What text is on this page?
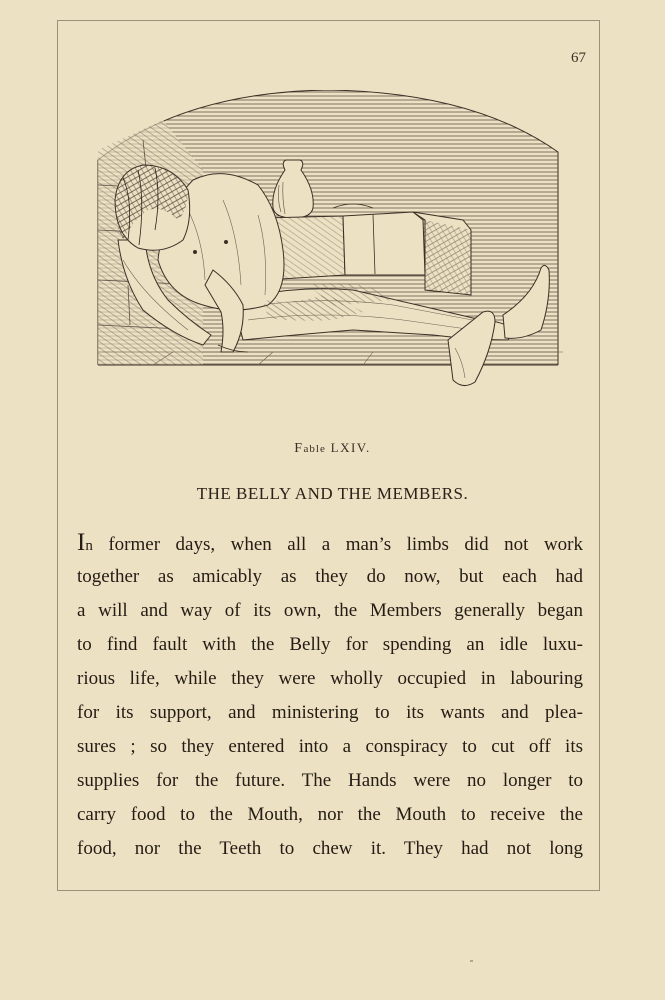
67
Fable LXIV.
THE BELLY AND THE MEMBERS.
In former days, when all a man’s limbs did not work
together as amicably as they do now, but each had
a will and way of its own, the Members generally began
to find fault with the Belly for spending an idle luxu-
rious life, while they were wholly occupied in labouring
for its support, and ministering to its wants and plea-
sures ; so they entered into a conspiracy to cut off its
supplies for the future. The Hands were no longer to
carry food to the Mouth, nor the Mouth to receive the
food, nor the Teeth to chew it. They had not long
